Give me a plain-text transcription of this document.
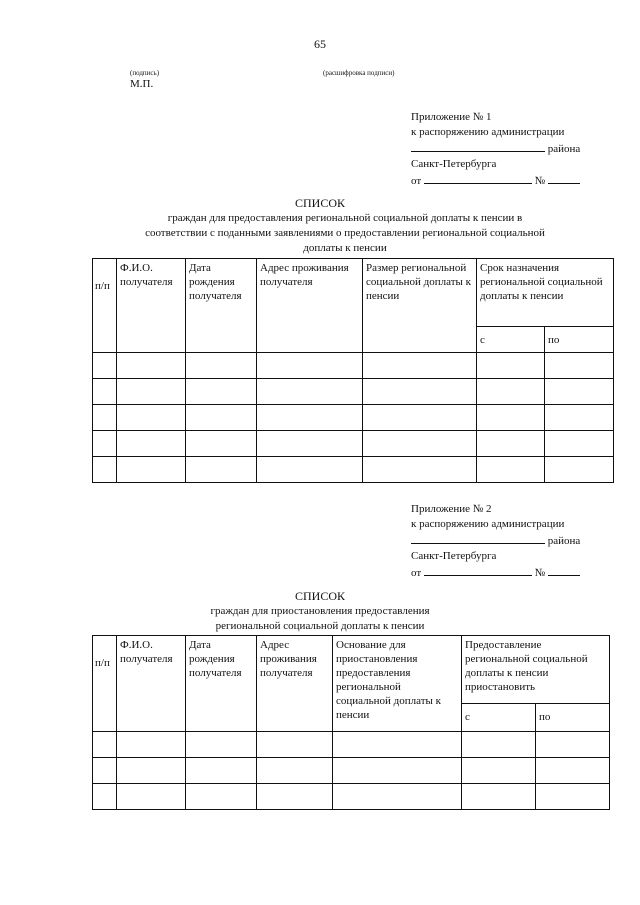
65
(подпись)	(расшифровка подписи)
М.П.
Приложение № 1
к распоряжению администрации
района
Санкт-Петербурга
от	№
СПИСОК
граждан для предоставления региональной социальной доплаты к пенсии в
соответствии с поданными заявлениями о предоставлении региональной социальной
доплаты к пенсии
п/п	Ф.И.О. получателя	Дата рождения получателя	Адрес проживания получателя	Размер региональной социальной доплаты к пенсии	Срок назначения региональной социальной доплаты к пенсии	
					с	по

Приложение № 2
к распоряжению администрации
района
Санкт-Петербурга
от	№
СПИСОК
граждан для приостановления предоставления
региональной социальной доплаты к пенсии
п/п	Ф.И.О. получателя	Дата рождения получателя	Адрес проживания получателя	Основание для приостановления предоставления региональной социальной доплаты к пенсии	Предоставление региональной социальной доплаты к пенсии приостановить	
					с	по
